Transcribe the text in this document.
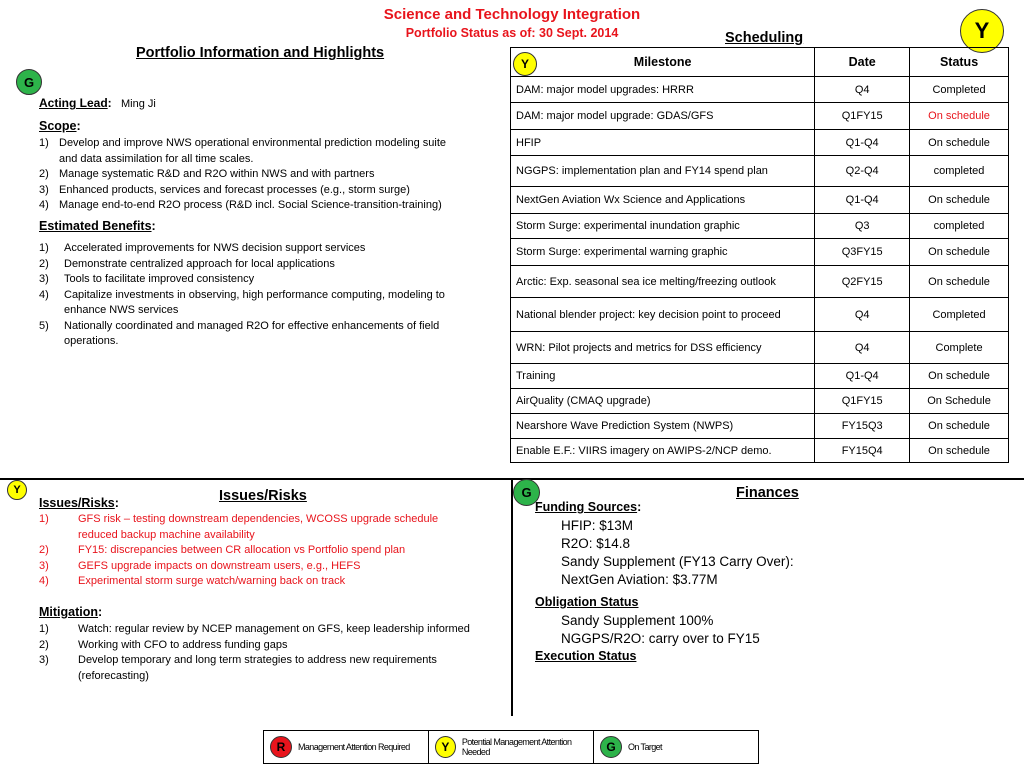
Science and Technology Integration
Portfolio Status as of: 30 Sept. 2014	Y
Portfolio Information and Highlights
G
Acting Lead: Ming Ji
Scope:
1) Develop and improve NWS operational environmental prediction modeling suite
and data assimilation for all time scales.
2) Manage systematic R&D and R2O within NWS and with partners
3) Enhanced products, services and forecast processes (e.g., storm surge)
4) Manage end-to-end R2O process (R&D incl. Social Science-transition-training)
Estimated Benefits:
1) Accelerated improvements for NWS decision support services
2) Demonstrate centralized approach for local applications
3) Tools to facilitate improved consistency
4) Capitalize investments in observing, high performance computing, modeling to
enhance NWS services
5) Nationally coordinated and managed R2O for effective enhancements of field
operations.
Scheduling
Y Milestone	Date	Status
DAM: major model upgrades: HRRR	Q4	Completed
DAM: major model upgrade: GDAS/GFS	Q1FY15	On schedule
HFIP	Q1-Q4	On schedule
NGGPS: implementation plan and FY14 spend plan	Q2-Q4	completed
NextGen Aviation Wx Science and Applications	Q1-Q4	On schedule
Storm Surge: experimental inundation graphic	Q3	completed
Storm Surge: experimental warning graphic	Q3FY15	On schedule
Arctic: Exp. seasonal sea ice melting/freezing outlook	Q2FY15	On schedule
National blender project: key decision point to proceed	Q4	Completed
WRN: Pilot projects and metrics for DSS efficiency	Q4	Complete
Training	Q1-Q4	On schedule
AirQuality (CMAQ upgrade)	Q1FY15	On Schedule
Nearshore Wave Prediction System (NWPS)	FY15Q3	On schedule
Enable E.F.: VIIRS imagery on AWIPS-2/NCP demo.	FY15Q4	On schedule
Y	Issues/Risks
Issues/Risks:
1)	GFS risk – testing downstream dependencies, WCOSS upgrade schedule
reduced backup machine availability
2)	FY15: discrepancies between CR allocation vs Portfolio spend plan
3)	GEFS upgrade impacts on downstream users, e.g., HEFS
4)	Experimental storm surge watch/warning back on track
Mitigation:
1)	Watch: regular review by NCEP management on GFS, keep leadership informed
2)	Working with CFO to address funding gaps
3)	Develop temporary and long term strategies to address new requirements
(reforecasting)
G	Finances
Funding Sources:
HFIP: $13M
R2O: $14.8
Sandy Supplement (FY13 Carry Over):
NextGen Aviation: $3.77M
Obligation Status
Sandy Supplement 100%
NGGPS/R2O: carry over to FY15
Execution Status
R	Management Attention Required	Y	Potential Management Attention Needed	G	On Target
